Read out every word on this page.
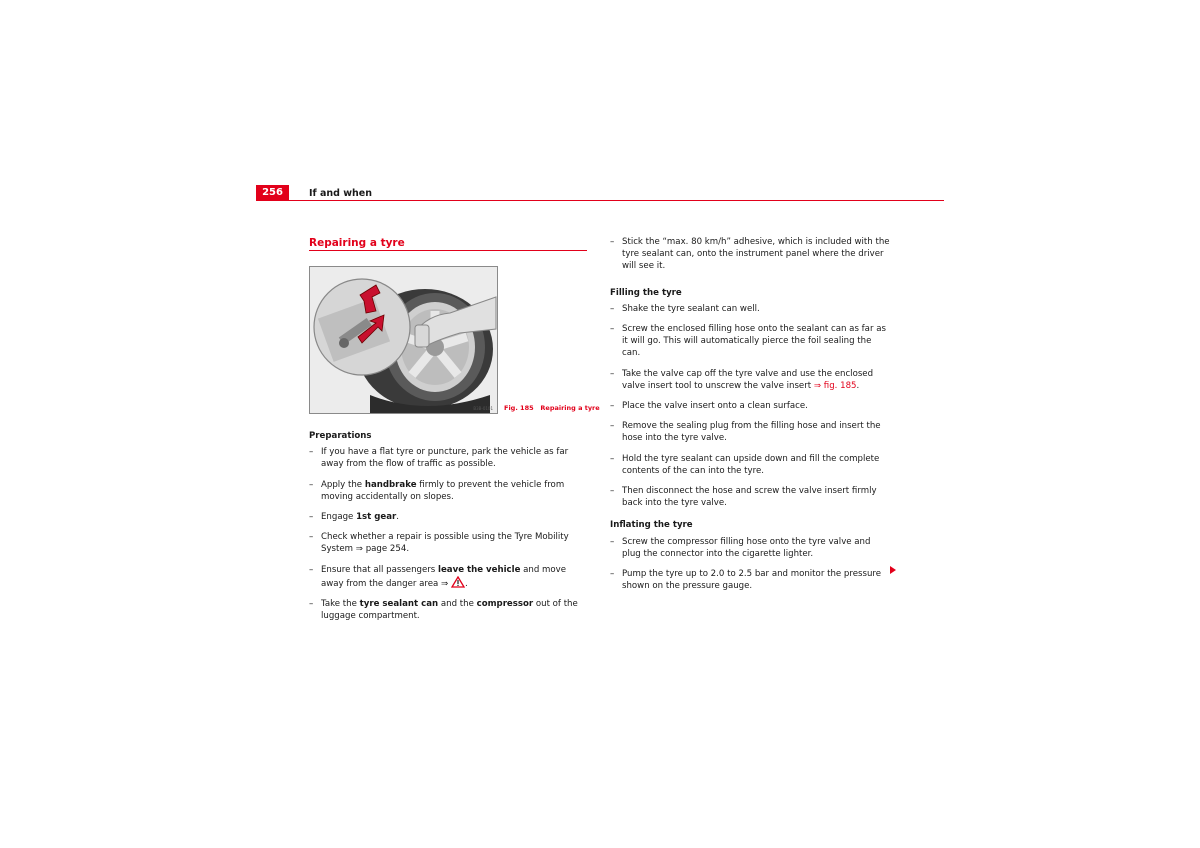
256	If and when
Repairing a tyre
B3B-0101 Fig. 185   Repairing a tyre
Preparations
– If you have a flat tyre or puncture, park the vehicle as far away from the flow of traffic as possible.
– Apply the handbrake firmly to prevent the vehicle from moving accidentally on slopes.
– Engage 1st gear.
– Check whether a repair is possible using the Tyre Mobility System ⇒ page 254.
– Ensure that all passengers leave the vehicle and move away from the danger area ⇒ .
– Take the tyre sealant can and the compressor out of the luggage compartment.
– Stick the “max. 80 km/h” adhesive, which is included with the tyre sealant can, onto the instrument panel where the driver will see it.
Filling the tyre
– Shake the tyre sealant can well.
– Screw the enclosed filling hose onto the sealant can as far as it will go. This will automatically pierce the foil sealing the can.
– Take the valve cap off the tyre valve and use the enclosed valve insert tool to unscrew the valve insert ⇒ fig. 185.
– Place the valve insert onto a clean surface.
– Remove the sealing plug from the filling hose and insert the hose into the tyre valve.
– Hold the tyre sealant can upside down and fill the complete contents of the can into the tyre.
– Then disconnect the hose and screw the valve insert firmly back into the tyre valve.
Inflating the tyre
– Screw the compressor filling hose onto the tyre valve and plug the connector into the cigarette lighter.
– Pump the tyre up to 2.0 to 2.5 bar and monitor the pressure shown on the pressure gauge.
